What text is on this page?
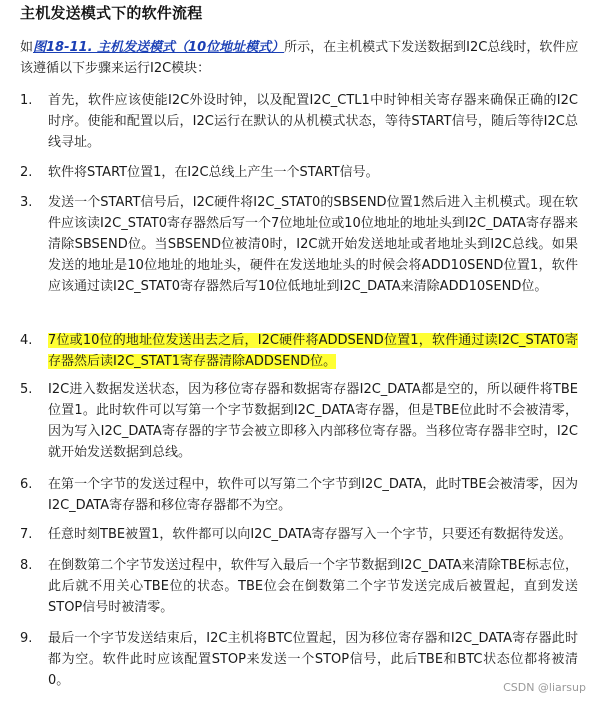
主机发送模式下的软件流程

如图18-11. 主机发送模式（10位地址模式）所示，在主机模式下发送数据到I2C总线时，软件应该遵循以下步骤来运行I2C模块：

1.	首先，软件应该使能I2C外设时钟，以及配置I2C_CTL1中时钟相关寄存器来确保正确的I2C时序。使能和配置以后，I2C运行在默认的从机模式状态，等待START信号，随后等待I2C总线寻址。
2.	软件将START位置1，在I2C总线上产生一个START信号。
3.	发送一个START信号后，I2C硬件将I2C_STAT0的SBSEND位置1然后进入主机模式。现在软件应该读I2C_STAT0寄存器然后写一个7位地址位或10位地址的地址头到I2C_DATA寄存器来清除SBSEND位。当SBSEND位被清0时，I2C就开始发送地址或者地址头到I2C总线。如果发送的地址是10位地址的地址头，硬件在发送地址头的时候会将ADD10SEND位置1，软件应该通过读I2C_STAT0寄存器然后写10位低地址到I2C_DATA来清除ADD10SEND位。
4.	7位或10位的地址位发送出去之后，I2C硬件将ADDSEND位置1，软件通过读I2C_STAT0寄存器然后读I2C_STAT1寄存器清除ADDSEND位。
5.	I2C进入数据发送状态，因为移位寄存器和数据寄存器I2C_DATA都是空的，所以硬件将TBE位置1。此时软件可以写第一个字节数据到I2C_DATA寄存器，但是TBE位此时不会被清零，因为写入I2C_DATA寄存器的字节会被立即移入内部移位寄存器。当移位寄存器非空时，I2C就开始发送数据到总线。
6.	在第一个字节的发送过程中，软件可以写第二个字节到I2C_DATA，此时TBE会被清零，因为I2C_DATA寄存器和移位寄存器都不为空。
7.	任意时刻TBE被置1，软件都可以向I2C_DATA寄存器写入一个字节，只要还有数据待发送。
8.	在倒数第二个字节发送过程中，软件写入最后一个字节数据到I2C_DATA来清除TBE标志位，此后就不用关心TBE位的状态。TBE位会在倒数第二个字节发送完成后被置起，直到发送STOP信号时被清零。
9.	最后一个字节发送结束后，I2C主机将BTC位置起，因为移位寄存器和I2C_DATA寄存器此时都为空。软件此时应该配置STOP来发送一个STOP信号，此后TBE和BTC状态位都将被清0。	CSDN @liarsup
